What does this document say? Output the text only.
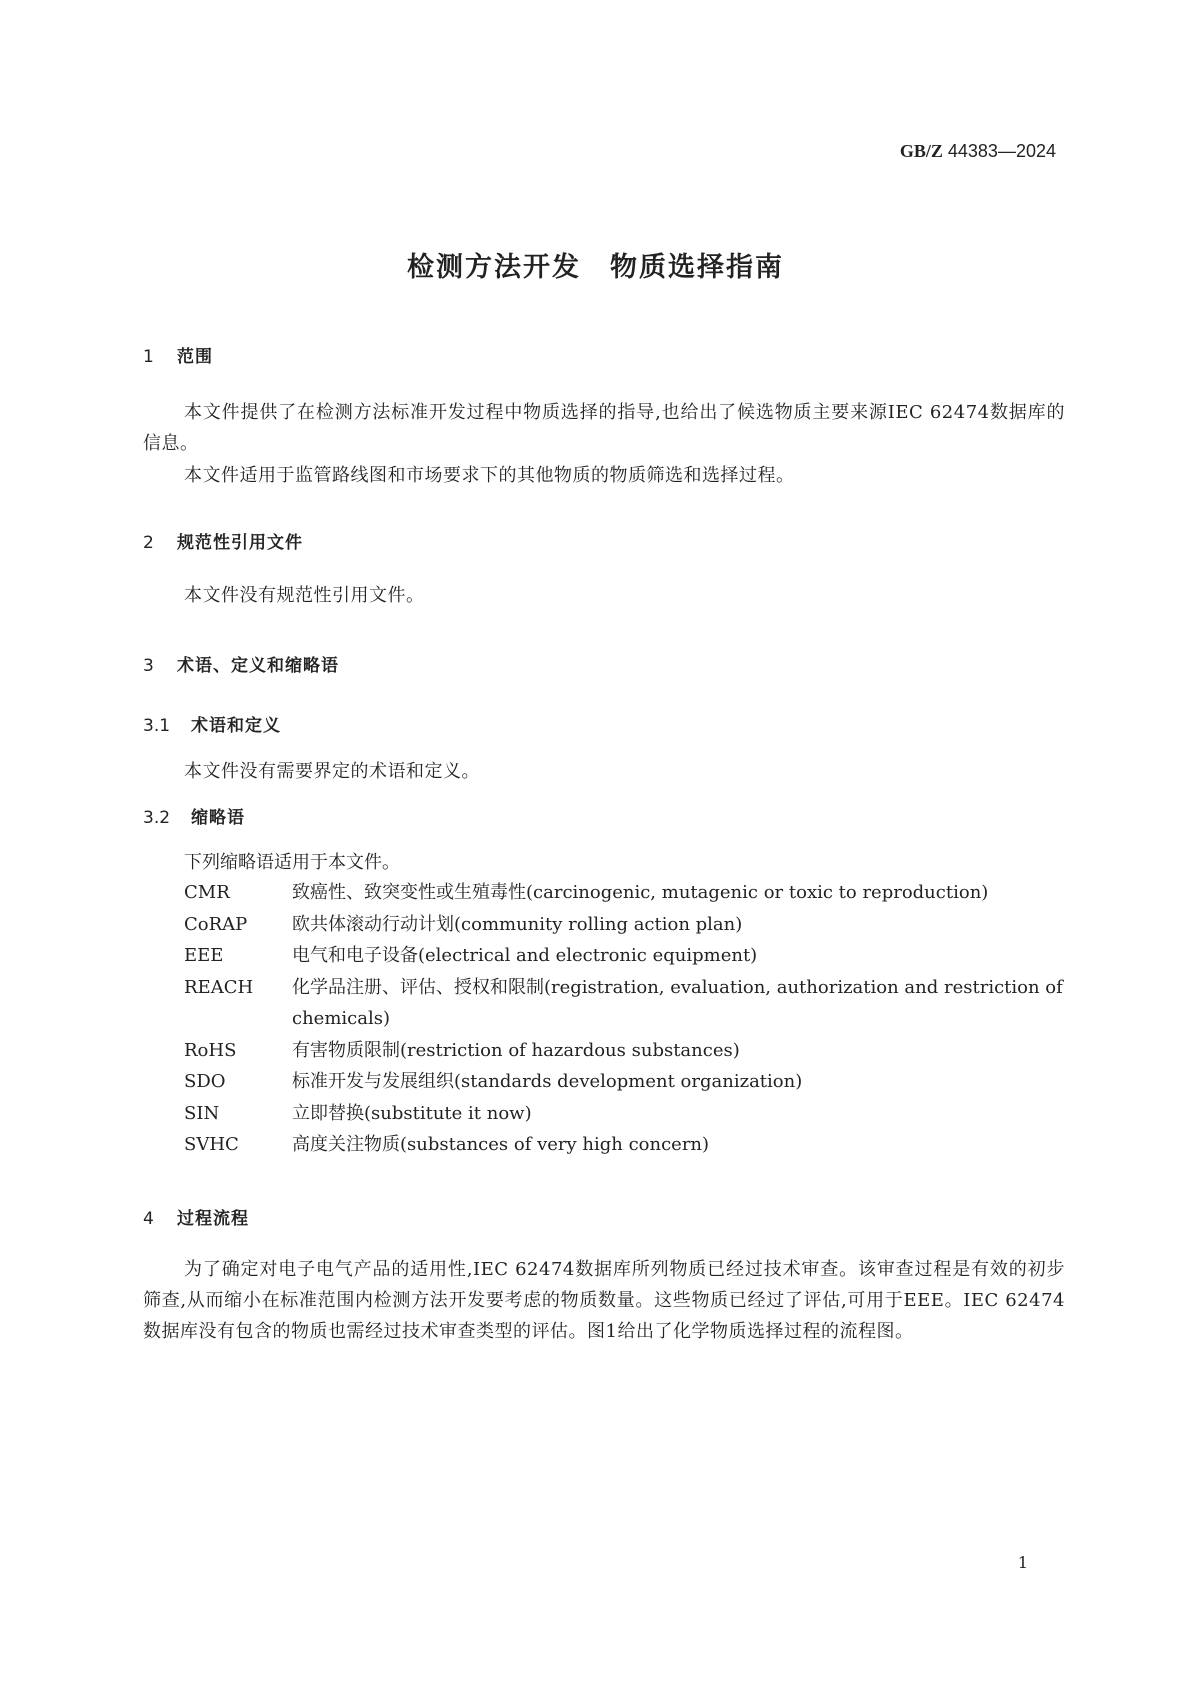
GB/Z 44383—2024
检测方法开发　物质选择指南
1 范围
本文件提供了在检测方法标准开发过程中物质选择的指导,也给出了候选物质主要来源IEC 62474数据库的信息。
本文件适用于监管路线图和市场要求下的其他物质的物质筛选和选择过程。
2 规范性引用文件
本文件没有规范性引用文件。
3 术语、定义和缩略语
3.1 术语和定义
本文件没有需要界定的术语和定义。
3.2 缩略语
下列缩略语适用于本文件。
CMR	致癌性、致突变性或生殖毒性(carcinogenic, mutagenic or toxic to reproduction)
CoRAP	欧共体滚动行动计划(community rolling action plan)
EEE	电气和电子设备(electrical and electronic equipment)
REACH	化学品注册、评估、授权和限制(registration, evaluation, authorization and restriction of chemicals)
RoHS	有害物质限制(restriction of hazardous substances)
SDO	标准开发与发展组织(standards development organization)
SIN	立即替换(substitute it now)
SVHC	高度关注物质(substances of very high concern)
4 过程流程
为了确定对电子电气产品的适用性,IEC 62474数据库所列物质已经过技术审查。该审查过程是有效的初步筛查,从而缩小在标准范围内检测方法开发要考虑的物质数量。这些物质已经过了评估,可用于EEE。IEC 62474数据库没有包含的物质也需经过技术审查类型的评估。图1给出了化学物质选择过程的流程图。
1
